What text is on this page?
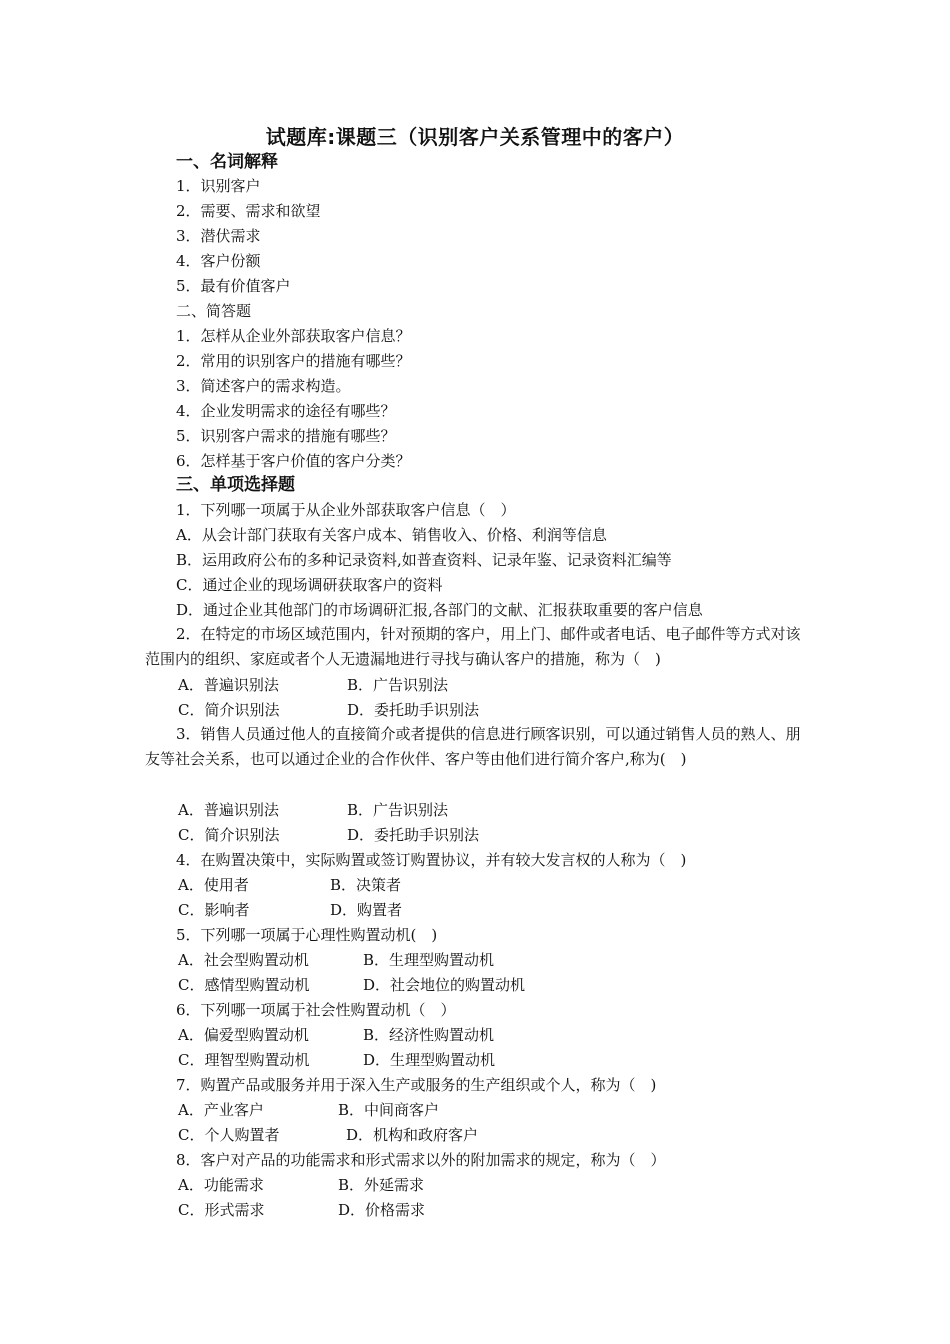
试题库:课题三（识别客户关系管理中的客户）
一、名词解释
1．识别客户
2．需要、需求和欲望
3．潜伏需求
4．客户份额
5．最有价值客户
二、简答题
1．怎样从企业外部获取客户信息？
2．常用的识别客户的措施有哪些？
3．简述客户的需求构造。
4．企业发明需求的途径有哪些？
5．识别客户需求的措施有哪些？
6．怎样基于客户价值的客户分类？
三、单项选择题
1．下列哪一项属于从企业外部获取客户信息（　）
A．从会计部门获取有关客户成本、销售收入、价格、利润等信息
B．运用政府公布的多种记录资料,如普查资料、记录年鉴、记录资料汇编等
C．通过企业的现场调研获取客户的资料
D．通过企业其他部门的市场调研汇报,各部门的文献、汇报获取重要的客户信息
2．在特定的市场区域范围内，针对预期的客户，用上门、邮件或者电话、电子邮件等方式对该范围内的组织、家庭或者个人无遗漏地进行寻找与确认客户的措施，称为（　)
A．普遍识别法	B．广告识别法
C．简介识别法	D．委托助手识别法
3．销售人员通过他人的直接简介或者提供的信息进行顾客识别，可以通过销售人员的熟人、朋友等社会关系，也可以通过企业的合作伙伴、客户等由他们进行简介客户,称为(　)
A．普遍识别法	B．广告识别法
C．简介识别法	D．委托助手识别法
4．在购置决策中，实际购置或签订购置协议，并有较大发言权的人称为（　)
A．使用者	B．决策者
C．影响者	D．购置者
5．下列哪一项属于心理性购置动机(　)
A．社会型购置动机	B．生理型购置动机
C．感情型购置动机	D．社会地位的购置动机
6．下列哪一项属于社会性购置动机（　）
A．偏爱型购置动机	B．经济性购置动机
C．理智型购置动机	D．生理型购置动机
7．购置产品或服务并用于深入生产或服务的生产组织或个人，称为（　)
A．产业客户	B．中间商客户
C．个人购置者	D．机构和政府客户
8．客户对产品的功能需求和形式需求以外的附加需求的规定，称为（　）
A．功能需求	B．外延需求
C．形式需求	D．价格需求
